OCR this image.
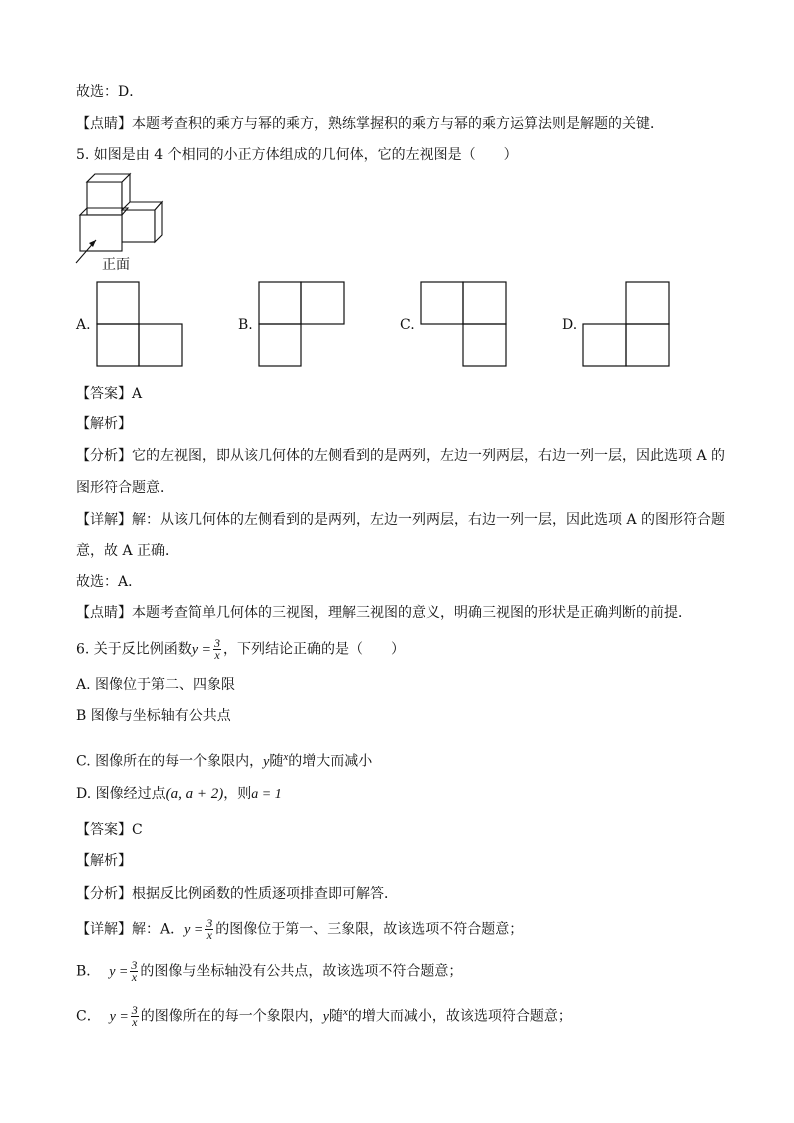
故选：D．
【点睛】本题考查积的乘方与幂的乘方，熟练掌握积的乘方与幂的乘方运算法则是解题的关键．
5. 如图是由 4 个相同的小正方体组成的几何体，它的左视图是（　　）
正面
A.	B.	C.	D.
【答案】A
【解析】
【分析】它的左视图，即从该几何体的左侧看到的是两列，左边一列两层，右边一列一层，因此选项 A 的
图形符合题意．
【详解】解：从该几何体的左侧看到的是两列，左边一列两层，右边一列一层，因此选项 A 的图形符合题
意，故 A 正确．
故选：A．
【点睛】本题考查简单几何体的三视图，理解三视图的意义，明确三视图的形状是正确判断的前提．
6. 关于反比例函数$y = \frac{3}{x}$ ，下列结论正确的是（　　）
A. 图像位于第二、四象限
B 图像与坐标轴有公共点
C. 图像所在的每一个象限内，y随$^x$的增大而减小
D. 图像经过点(a, a + 2)，则a = 1
【答案】C
【解析】
【分析】根据反比例函数的性质逐项排查即可解答．
【详解】解：A．$y = \frac{3}{x}$ 的图像位于第一、三象限，故该选项不符合题意；
B． $y = \frac{3}{x}$ 的图像与坐标轴没有公共点，故该选项不符合题意；
C． $y = \frac{3}{x}$ 的图像所在的每一个象限内，y随$^x$的增大而减小，故该选项符合题意；
